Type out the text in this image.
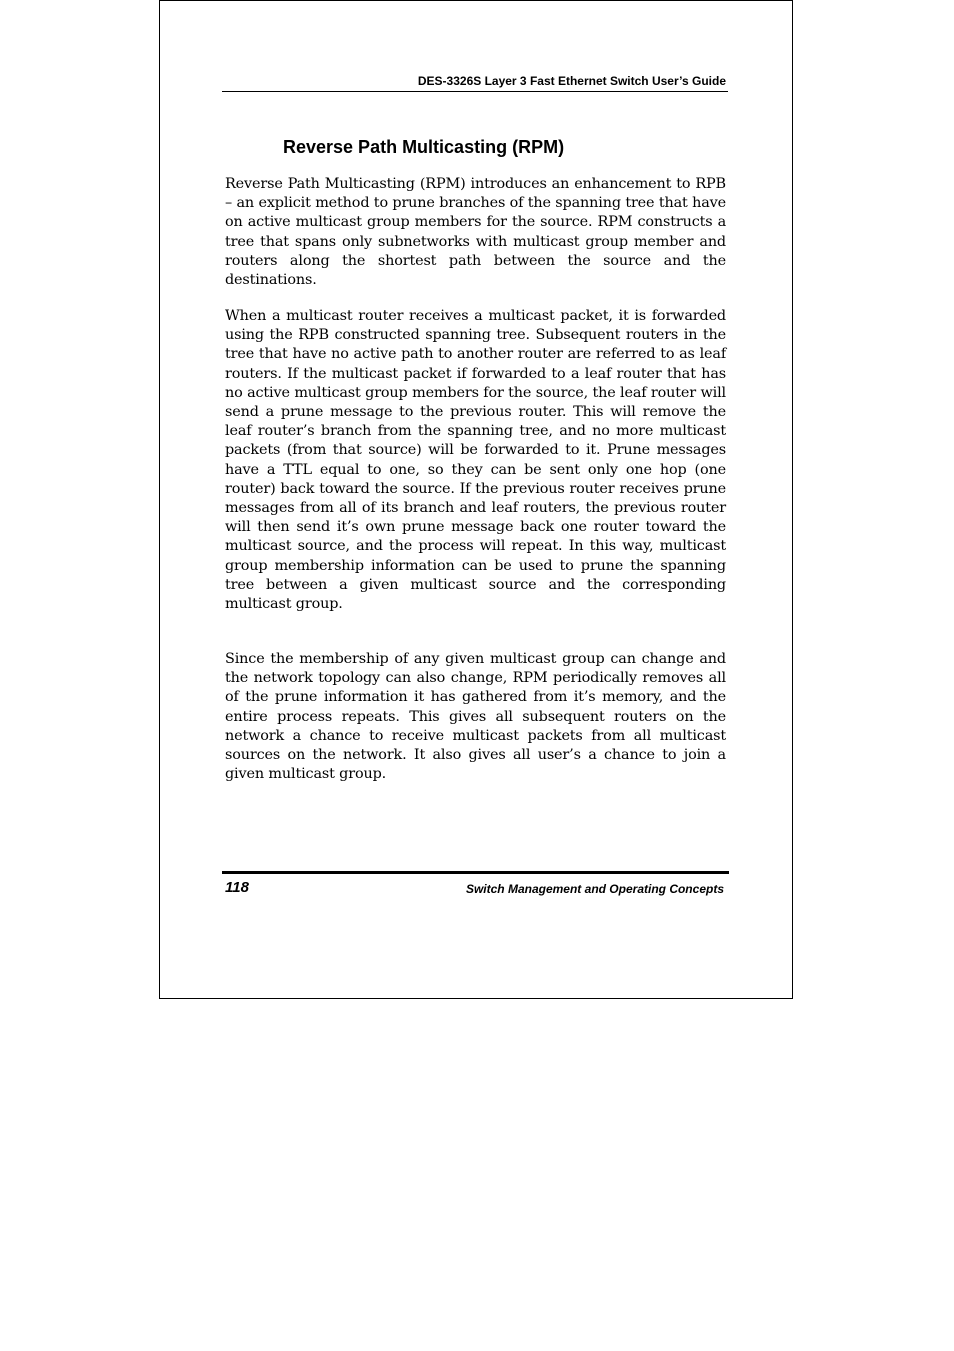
DES-3326S Layer 3 Fast Ethernet Switch User’s Guide
Reverse Path Multicasting (RPM)

Reverse Path Multicasting (RPM) introduces an enhancement to RPB – an explicit method to prune branches of the spanning tree that have on active multicast group members for the source. RPM constructs a tree that spans only subnetworks with multicast group member and routers along the shortest path between the source and the destinations.

When a multicast router receives a multicast packet, it is forwarded using the RPB constructed spanning tree. Subsequent routers in the tree that have no active path to another router are referred to as leaf routers. If the multicast packet if forwarded to a leaf router that has no active multicast group members for the source, the leaf router will send a prune message to the previous router. This will remove the leaf router’s branch from the spanning tree, and no more multicast packets (from that source) will be forwarded to it. Prune messages have a TTL equal to one, so they can be sent only one hop (one router) back toward the source. If the previous router receives prune messages from all of its branch and leaf routers, the previous router will then send it’s own prune message back one router toward the multicast source, and the process will repeat. In this way, multicast group membership information can be used to prune the spanning tree between a given multicast source and the corresponding multicast group.

Since the membership of any given multicast group can change and the network topology can also change, RPM periodically removes all of the prune information it has gathered from it’s memory, and the entire process repeats. This gives all subsequent routers on the network a chance to receive multicast packets from all multicast sources on the network. It also gives all user’s a chance to join a given multicast group.

118	Switch Management and Operating Concepts
